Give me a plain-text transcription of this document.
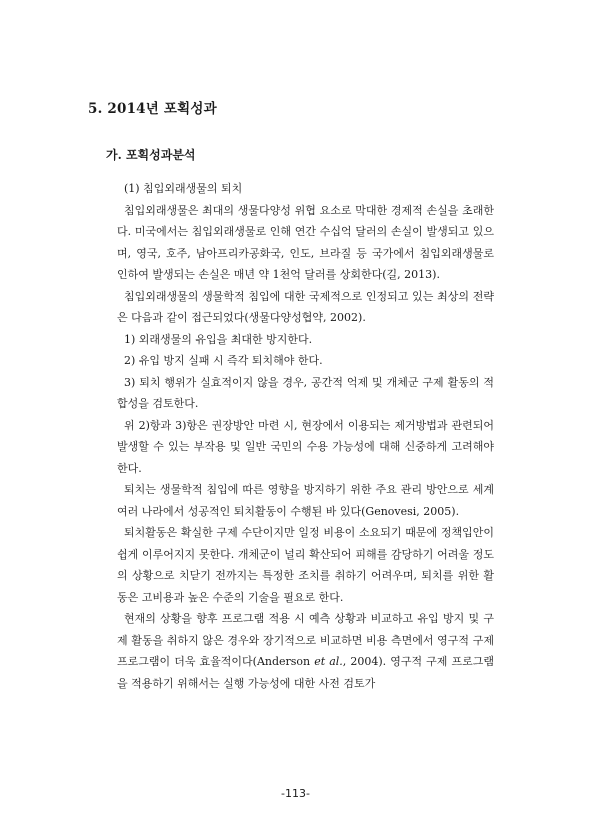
5. 2014년 포획성과
가. 포획성과분석

(1) 침입외래생물의 퇴치

침입외래생물은 최대의 생물다양성 위협 요소로 막대한 경제적 손실을 초래한다. 미국에서는 침입외래생물로 인해 연간 수십억 달러의 손실이 발생되고 있으며, 영국, 호주, 남아프리카공화국, 인도, 브라질 등 국가에서 침입외래생물로 인하여 발생되는 손실은 매년 약 1천억 달러를 상회한다(길, 2013).

침입외래생물의 생물학적 침입에 대한 국제적으로 인정되고 있는 최상의 전략은 다음과 같이 접근되었다(생물다양성협약, 2002).

1) 외래생물의 유입을 최대한 방지한다.

2) 유입 방지 실패 시 즉각 퇴치해야 한다.

3) 퇴치 행위가 실효적이지 않을 경우, 공간적 억제 및 개체군 구제 활동의 적합성을 검토한다.

위 2)항과 3)항은 권장방안 마련 시, 현장에서 이용되는 제거방법과 관련되어 발생할 수 있는 부작용 및 일반 국민의 수용 가능성에 대해 신중하게 고려해야 한다.

퇴치는 생물학적 침입에 따른 영향을 방지하기 위한 주요 관리 방안으로 세계 여러 나라에서 성공적인 퇴치활동이 수행된 바 있다(Genovesi, 2005).

퇴치활동은 확실한 구제 수단이지만 일정 비용이 소요되기 때문에 정책입안이 쉽게 이루어지지 못한다. 개체군이 널리 확산되어 피해를 감당하기 어려울 정도의 상황으로 치닫기 전까지는 특정한 조치를 취하기 어려우며, 퇴치를 위한 활동은 고비용과 높은 수준의 기술을 필요로 한다.

현재의 상황을 향후 프로그램 적용 시 예측 상황과 비교하고 유입 방지 및 구제 활동을 취하지 않은 경우와 장기적으로 비교하면 비용 측면에서 영구적 구제 프로그램이 더욱 효율적이다(Anderson et al., 2004). 영구적 구제 프로그램을 적용하기 위해서는 실행 가능성에 대한 사전 검토가

-113-
